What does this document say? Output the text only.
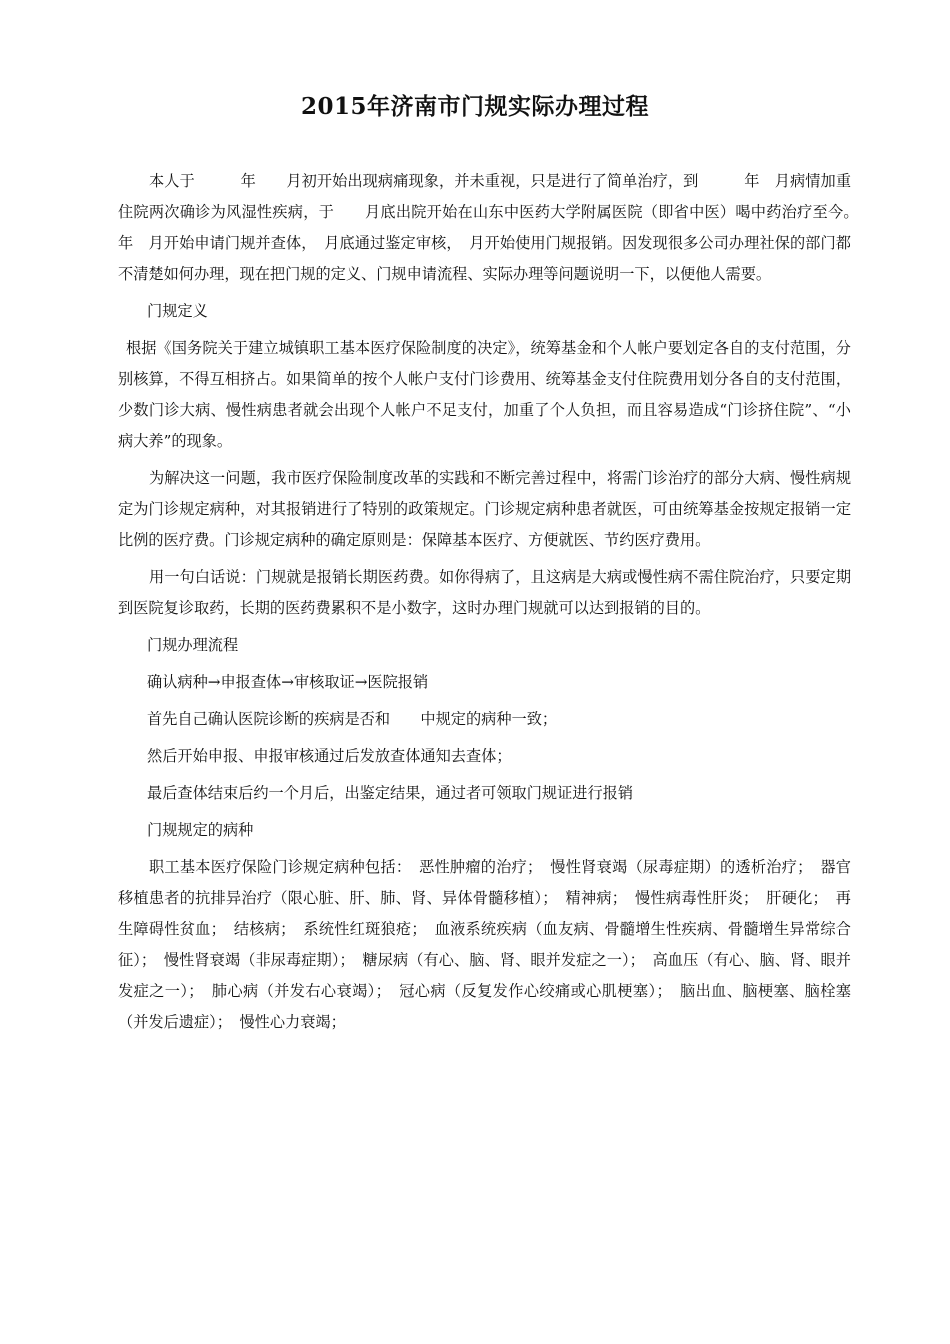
2015年济南市门规实际办理过程

本人于　　　年　　月初开始出现病痛现象，并未重视，只是进行了简单治疗，到　　　年　月病情加重住院两次确诊为风湿性疾病，于　　月底出院开始在山东中医药大学附属医院（即省中医）喝中药治疗至今。　　年　月开始申请门规并查体，　月底通过鉴定审核，　月开始使用门规报销。因发现很多公司办理社保的部门都不清楚如何办理，现在把门规的定义、门规申请流程、实际办理等问题说明一下，以便他人需要。

门规定义

根据《国务院关于建立城镇职工基本医疗保险制度的决定》，统筹基金和个人帐户要划定各自的支付范围，分别核算，不得互相挤占。如果简单的按个人帐户支付门诊费用、统筹基金支付住院费用划分各自的支付范围，少数门诊大病、慢性病患者就会出现个人帐户不足支付，加重了个人负担，而且容易造成“门诊挤住院”、“小病大养”的现象。

为解决这一问题，我市医疗保险制度改革的实践和不断完善过程中，将需门诊治疗的部分大病、慢性病规定为门诊规定病种，对其报销进行了特别的政策规定。门诊规定病种患者就医，可由统筹基金按规定报销一定比例的医疗费。门诊规定病种的确定原则是：保障基本医疗、方便就医、节约医疗费用。

用一句白话说：门规就是报销长期医药费。如你得病了，且这病是大病或慢性病不需住院治疗，只要定期到医院复诊取药，长期的医药费累积不是小数字，这时办理门规就可以达到报销的目的。

门规办理流程

确认病种→申报查体→审核取证→医院报销

首先自己确认医院诊断的疾病是否和　　中规定的病种一致；

然后开始申报、申报审核通过后发放查体通知去查体；

最后查体结束后约一个月后，出鉴定结果，通过者可领取门规证进行报销

门规规定的病种

职工基本医疗保险门诊规定病种包括：　恶性肿瘤的治疗；　慢性肾衰竭（尿毒症期）的透析治疗；　器官移植患者的抗排异治疗（限心脏、肝、肺、肾、异体骨髓移植）；　精神病；　慢性病毒性肝炎；　肝硬化；　再生障碍性贫血；　结核病；　系统性红斑狼疮；　血液系统疾病（血友病、骨髓增生性疾病、骨髓增生异常综合征）；　慢性肾衰竭（非尿毒症期）；　糖尿病（有心、脑、肾、眼并发症之一）；　高血压（有心、脑、肾、眼并发症之一）；　肺心病（并发右心衰竭）；　冠心病（反复发作心绞痛或心肌梗塞）；　脑出血、脑梗塞、脑栓塞（并发后遗症）；　慢性心力衰竭；
